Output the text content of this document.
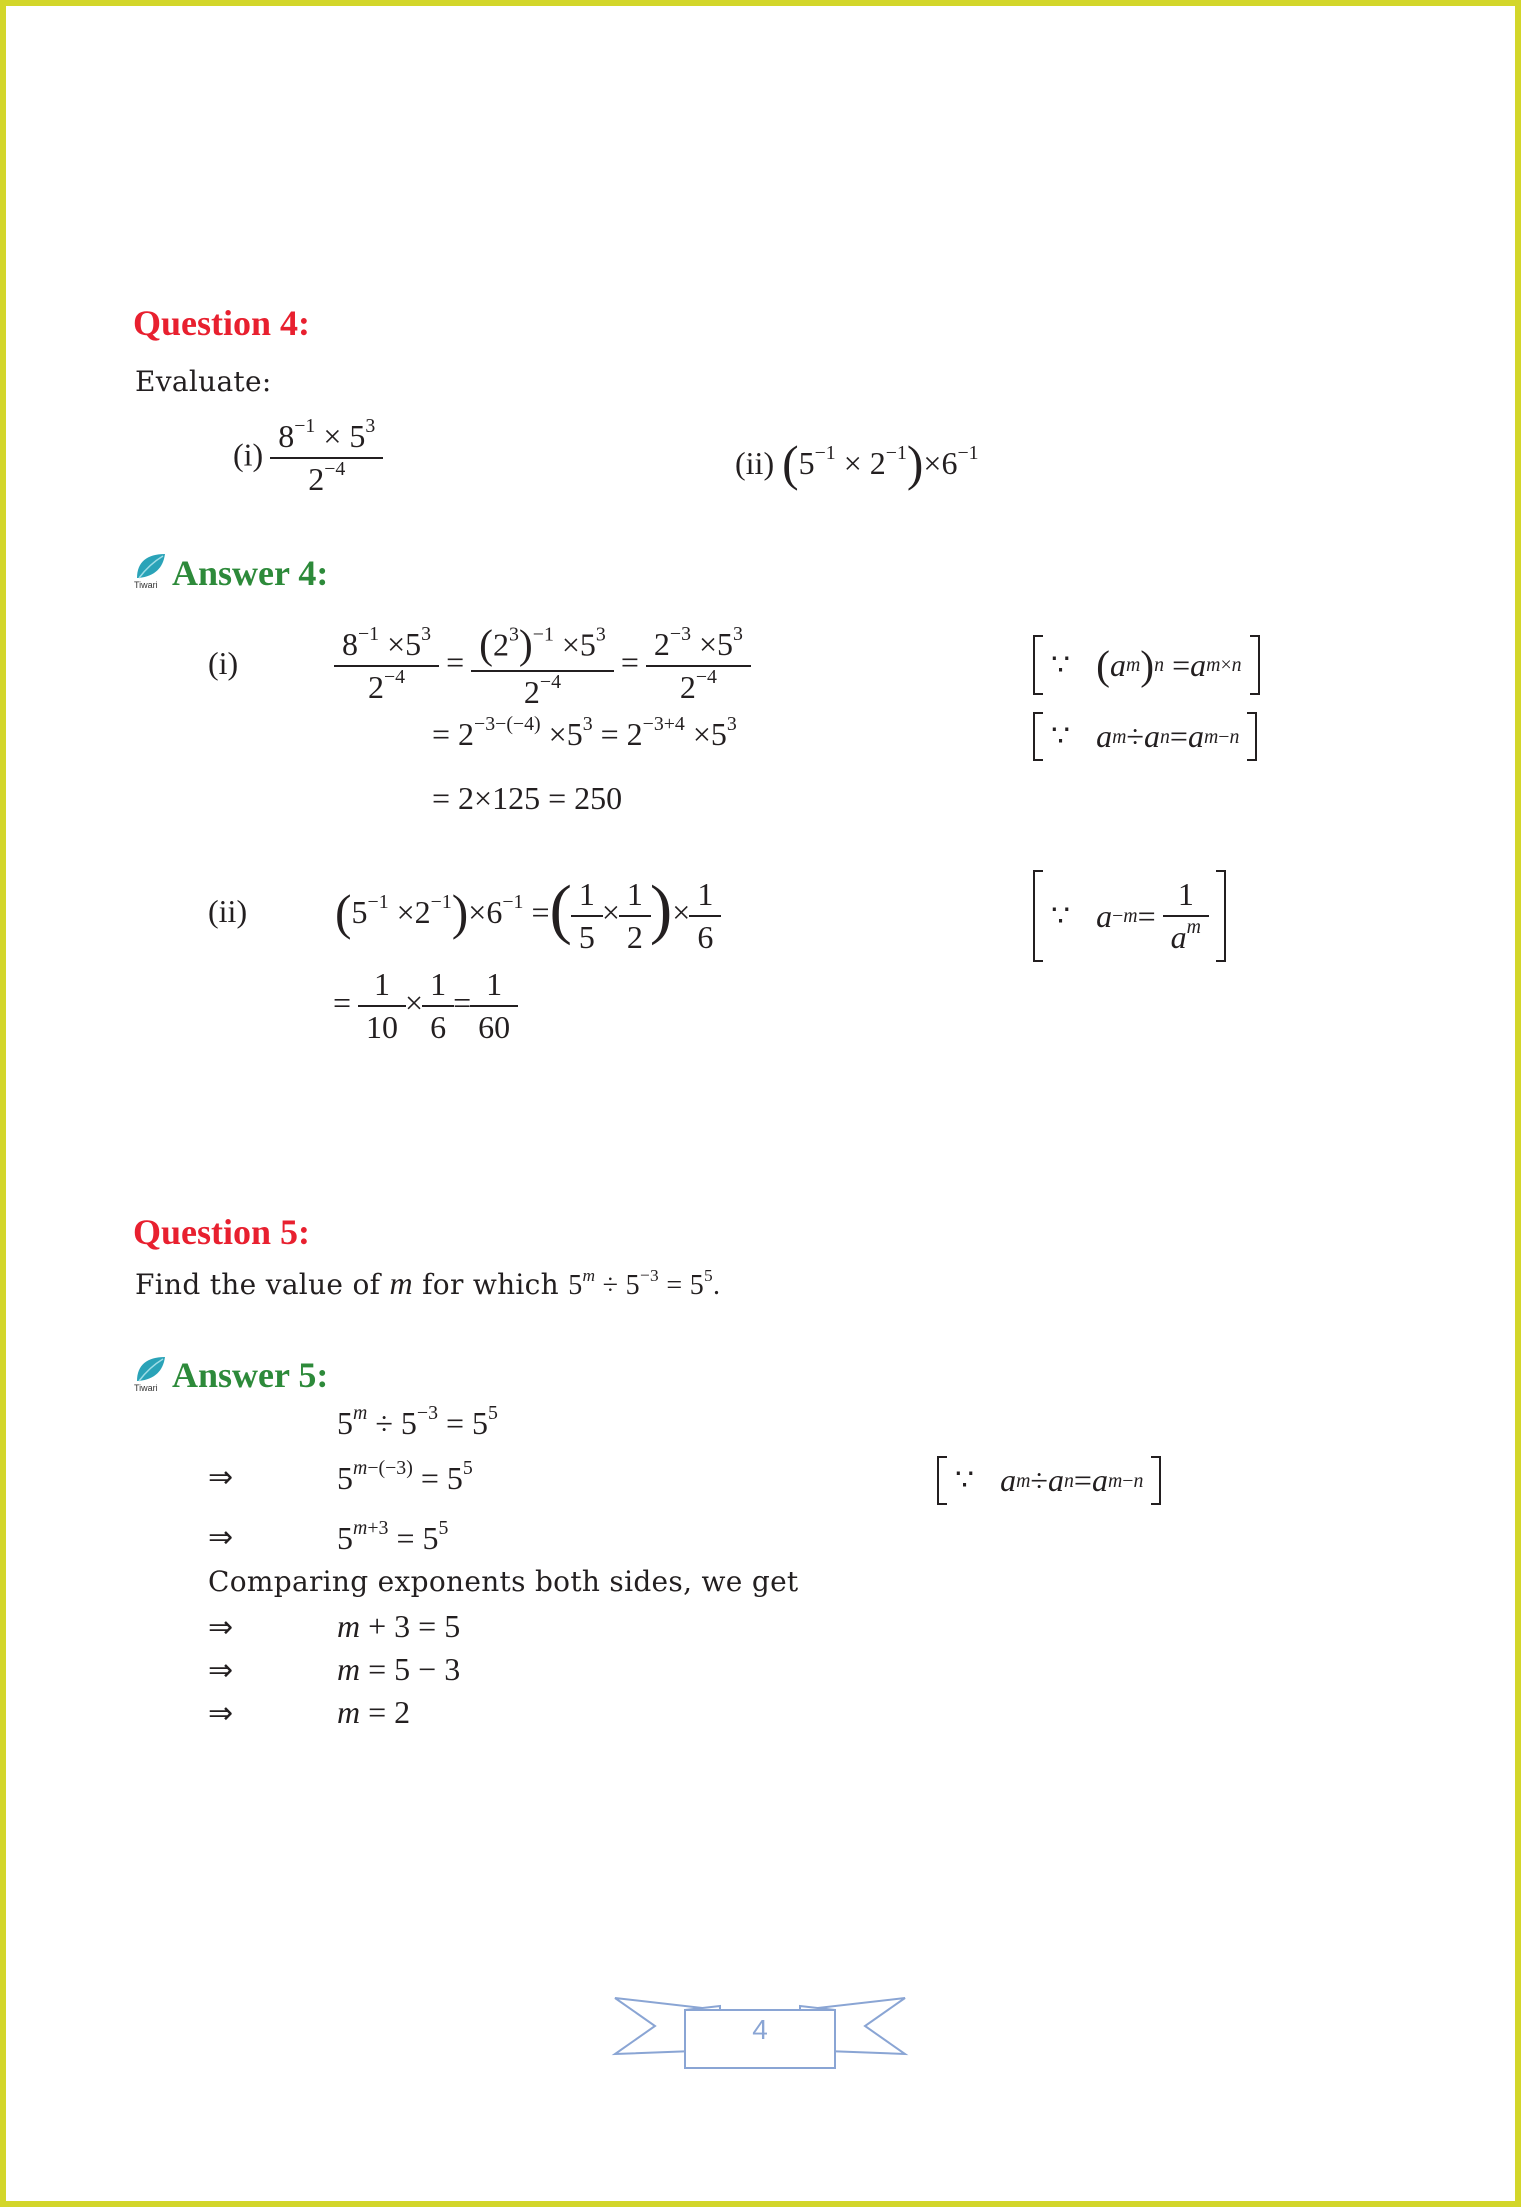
Question 4:
Evaluate:
$(i) \frac{8^{-1} \times 5^3}{2^{-4}}$	(ii) $(5^{-1} \times 2^{-1})\times 6^{-1}$
Tiwari Answer 4:
(i)	$\frac{8^{-1} \times 5^3}{2^{-4}} = \frac{(2^3)^{-1} \times 5^3}{2^{-4}} = \frac{2^{-3} \times 5^3}{2^{-4}}$	∵ ( a m ) n = a m×n
= $2^{-3-(-4)} \times 5^3 = 2^{-3+4} \times 5^3$	∵ a m ÷ a n = a m−n
= 2×125 = 250
(ii) $(5^{-1} \times 2^{-1})\times 6^{-1}$ =( $\frac{1}{5} \times \frac{1}{2}$ )× $\frac{1}{6}$	∵ $a -m = \frac{1}{a^m}$
= $\frac{1}{10} \times \frac{1}{6} = \frac{1}{60}$
Question 5:
Find the value of m for which $5^m \div 5^{-3} = 5^5$.
Tiwari Answer 5:
$5^m \div 5^{-3} = 5^5$
⇒	$5^{m-(-3)} = 5^5$	∵ a m ÷ a n = a m−n
⇒	$5^{m+3} = 5^5$
Comparing exponents both sides, we get
⇒	m + 3 = 5
⇒	m = 5 − 3
⇒	m = 2
4
